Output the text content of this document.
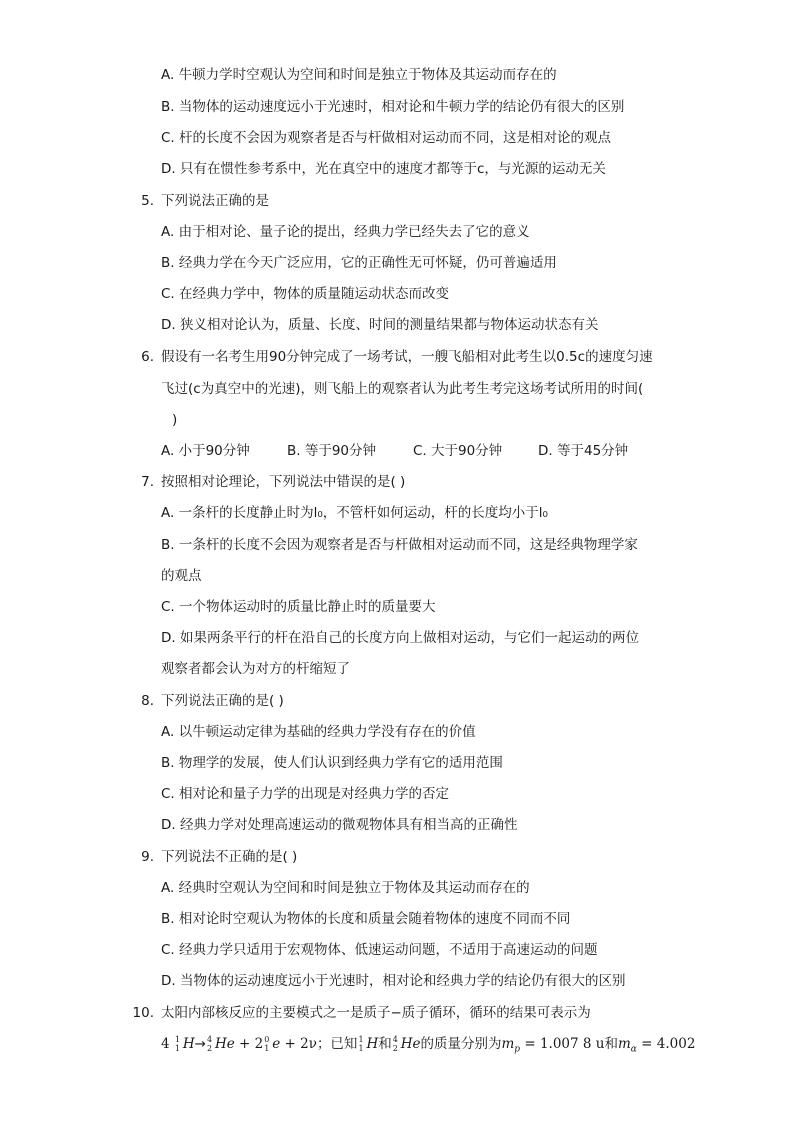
A. 牛顿力学时空观认为空间和时间是独立于物体及其运动而存在的
B. 当物体的运动速度远小于光速时，相对论和牛顿力学的结论仍有很大的区别
C. 杆的长度不会因为观察者是否与杆做相对运动而不同，这是相对论的观点
D. 只有在惯性参考系中，光在真空中的速度才都等于c，与光源的运动无关
5. 下列说法正确的是
A. 由于相对论、量子论的提出，经典力学已经失去了它的意义
B. 经典力学在今天广泛应用，它的正确性无可怀疑，仍可普遍适用
C. 在经典力学中，物体的质量随运动状态而改变
D. 狭义相对论认为，质量、长度、时间的测量结果都与物体运动状态有关
6. 假设有一名考生用90分钟完成了一场考试，一艘飞船相对此考生以0.5c的速度匀速
飞过(c为真空中的光速)，则飞船上的观察者认为此考生考完这场考试所用的时间(
)
A. 小于90分钟	B. 等于90分钟	C. 大于90分钟	D. 等于45分钟
7. 按照相对论理论，下列说法中错误的是( )
A. 一条杆的长度静止时为l₀，不管杆如何运动，杆的长度均小于l₀
B. 一条杆的长度不会因为观察者是否与杆做相对运动而不同，这是经典物理学家
的观点
C. 一个物体运动时的质量比静止时的质量要大
D. 如果两条平行的杆在沿自己的长度方向上做相对运动，与它们一起运动的两位
观察者都会认为对方的杆缩短了
8. 下列说法正确的是( )
A. 以牛顿运动定律为基础的经典力学没有存在的价值
B. 物理学的发展，使人们认识到经典力学有它的适用范围
C. 相对论和量子力学的出现是对经典力学的否定
D. 经典力学对处理高速运动的微观物体具有相当高的正确性
9. 下列说法不正确的是( )
A. 经典时空观认为空间和时间是独立于物体及其运动而存在的
B. 相对论时空观认为物体的长度和质量会随着物体的速度不同而不同
C. 经典力学只适用于宏观物体、低速运动问题，不适用于高速运动的问题
D. 当物体的运动速度远小于光速时，相对论和经典力学的结论仍有很大的区别
10. 太阳内部核反应的主要模式之一是质子−质子循环，循环的结果可表示为
4 1
1 H→ 4
2 He + 2 0
1 e + 2ν；已知 1
1 H和 4
2 He的质量分别为$m_p = 1.007$ 8 u和$m_\alpha = 4.002$
